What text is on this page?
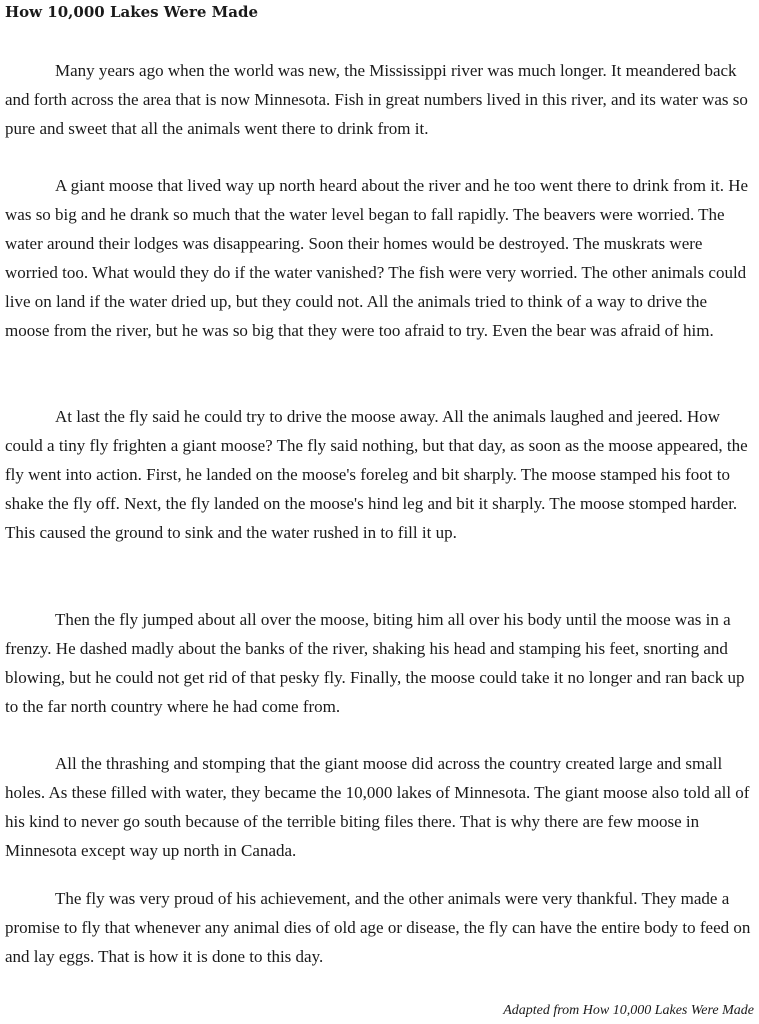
How 10,000 Lakes Were Made

Many years ago when the world was new, the Mississippi river was much longer. It meandered back and forth across the area that is now Minnesota. Fish in great numbers lived in this river, and its water was so pure and sweet that all the animals went there to drink from it.

A giant moose that lived way up north heard about the river and he too went there to drink from it. He was so big and he drank so much that the water level began to fall rapidly. The beavers were worried. The water around their lodges was disappearing. Soon their homes would be destroyed. The muskrats were worried too. What would they do if the water vanished? The fish were very worried. The other animals could live on land if the water dried up, but they could not. All the animals tried to think of a way to drive the moose from the river, but he was so big that they were too afraid to try. Even the bear was afraid of him.

At last the fly said he could try to drive the moose away. All the animals laughed and jeered. How could a tiny fly frighten a giant moose? The fly said nothing, but that day, as soon as the moose appeared, the fly went into action. First, he landed on the moose's foreleg and bit sharply. The moose stamped his foot to shake the fly off. Next, the fly landed on the moose's hind leg and bit it sharply. The moose stomped harder. This caused the ground to sink and the water rushed in to fill it up.

Then the fly jumped about all over the moose, biting him all over his body until the moose was in a frenzy. He dashed madly about the banks of the river, shaking his head and stamping his feet, snorting and blowing, but he could not get rid of that pesky fly. Finally, the moose could take it no longer and ran back up to the far north country where he had come from.

All the thrashing and stomping that the giant moose did across the country created large and small holes. As these filled with water, they became the 10,000 lakes of Minnesota. The giant moose also told all of his kind to never go south because of the terrible biting files there. That is why there are few moose in Minnesota except way up north in Canada.

The fly was very proud of his achievement, and the other animals were very thankful. They made a promise to fly that whenever any animal dies of old age or disease, the fly can have the entire body to feed on and lay eggs. That is how it is done to this day.

Adapted from How 10,000 Lakes Were Made
